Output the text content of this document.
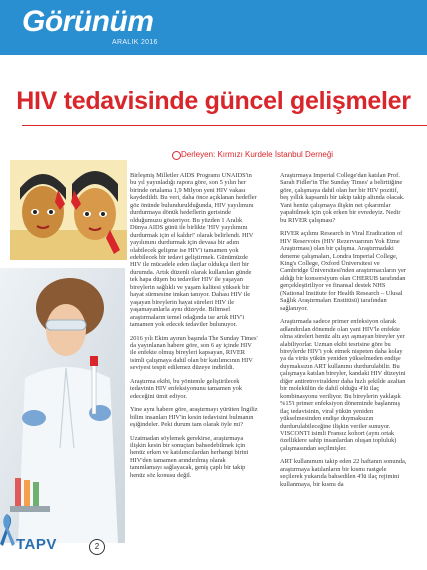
Görünüm
ARALIK 2016
HIV tedavisinde güncel gelişmeler
Derleyen: Kırmızı Kurdele İstanbul Derneği

Birleşmiş Milletler AIDS Programı UNAIDS'in bu yıl yayınladığı rapora göre, son 5 yılın her birinde ortalama 1,9 Milyon yeni HIV vakası kaydedildi. Bu veri, daha önce açıklanan hedefler göz önünde bulundurulduğunda, HIV yayılımını durdurmaya dönük hedeflerin gerisinde olduğumuzu gösteriyor. Bu yüzden 1 Aralık Dünya AIDS günü ile birlikte 'HIV yayılımını durdurmak için el kaldır!' olarak belirlendi. HIV yayılımını durdurmak için devasa bir adım olabilecek gelişme ise HIV'i tamamen yok edebilecek bir tedavi geliştirmek. Günümüzde HIV ile mücadele eden ilaçlar oldukça ileri bir durumda. Artık düzenli olarak kullanılan günde tek hapa düşen bu tedaviler HIV ile yaşayan bireylerin sağlıklı ve yaşam kalitesi yüksek bir hayat sürmesine imkan tanıyor. Dahası HIV ile yaşayan bireylerin hayat süreleri HIV ile yaşamayanlarla aynı düzeyde. Bilimsel araştırmaların temel odağında ise artık HIV'i tamamen yok edecek tedaviler bulunuyor.

2016 yılı Ekim ayının başında The Sunday Times' da yayınlanan habere göre, son 6 ay içinde HIV ile enfekte olmuş bireyleri kapsayan, RIVER isimli çalışmaya dahil olan bir katılımcının HIV seviyesi tespit edilemez düzeye indirildi.

Araştırma ekibi, bu yöntemle geliştirilecek tedavinin HIV enfeksiyonunu tamamen yok edeceğini ümit ediyor.

Yine aynı habere göre, araştırmayı yürüten İngiliz bilim insanları HIV'in kesin tedavisini bulmanın eşiğindeler. Peki durum tam olarak öyle mi?

Uzatmadan söylemek gerekirse, araştırmaya ilişkin kesin bir sonuçtan bahsedebilmek için henüz erken ve katılımcılardan herhangi birini HIV'den tamamen arındırılmış olarak tanımlamayı sağlayacak, geniş çaplı bir takip henüz söz konusu değil.

Araştırmaya Imperial College'dan katılan Prof. Sarah Fidler'in The Sunday Times' a belirttiğine göre, çalışmaya dahil olan her bir HIV pozitif, beş yıllık kapsamlı bir takip takip altında olacak. Yani henüz çalışmaya ilişkin net çıkarımlar yapabilmek için çok erken bir evredeyiz. Nedir bu RIVER çalışması?

RIVER açılımı Research in Viral Eradication of HIV Reservoirs (HIV Rezervuarının Yok Etme Araştırması) olan bir çalışma. Araştırmadaki deneme çalışmaları, Londra Imperial College, King's College, Oxford Üniversitesi ve Cambridge Üniversitesi'nden araştırmacıların yer aldığı bir konsorsiyum olan CHERUB tarafından gerçekleştiriliyor ve finansal destek NHS (National Institute for Health Research – Ulusal Sağlık Araştırmaları Enstitüsü) tarafından sağlanıyor.

Araştırmada sadece primer enfeksiyon olarak adlandırılan dönemde olan yani HIV'le enfekte olma süreleri henüz altı ayı aşmayan bireyler yer alabiliyorlar. Uzman ekibi tesrisine göre bu bireylerde HIV'i yok etmek nispeten daha kolay ya da virüs yükün yeniden yükselmeden endişe duymaksızın ART kullanımı durdurulabilir. Bu çalışmaya katılan bireyler, kandaki HIV düzeyini diğer antiretroviraldenr daha hızlı şekilde azaltan bir molekülün de dahil olduğu 4'lü ilaç kombinasyonu veriliyor. Bu bireylerin yaklaşık %15'i primer enfeksiyon döneminde başlanmış ilaç tedavisinin, viral yükün yeniden yükselmesinden endişe duymaksızın durdurulabileceğine ilişkin veriler sunuyor. VISCONTI isimli Fransız kohort (aynı ortak özelliklere sahip insanlardan oluşan topluluk) çalışmasından seçilmişler.

ART kullanımını takip eden 22 haftanın sonunda, araştırmaya katılanların bir kısmı rastgele seçilerek yukarıda bahsedilen 4'lü ilaç rejimini kullanmaya, bir kısmı da

TAPV	2
